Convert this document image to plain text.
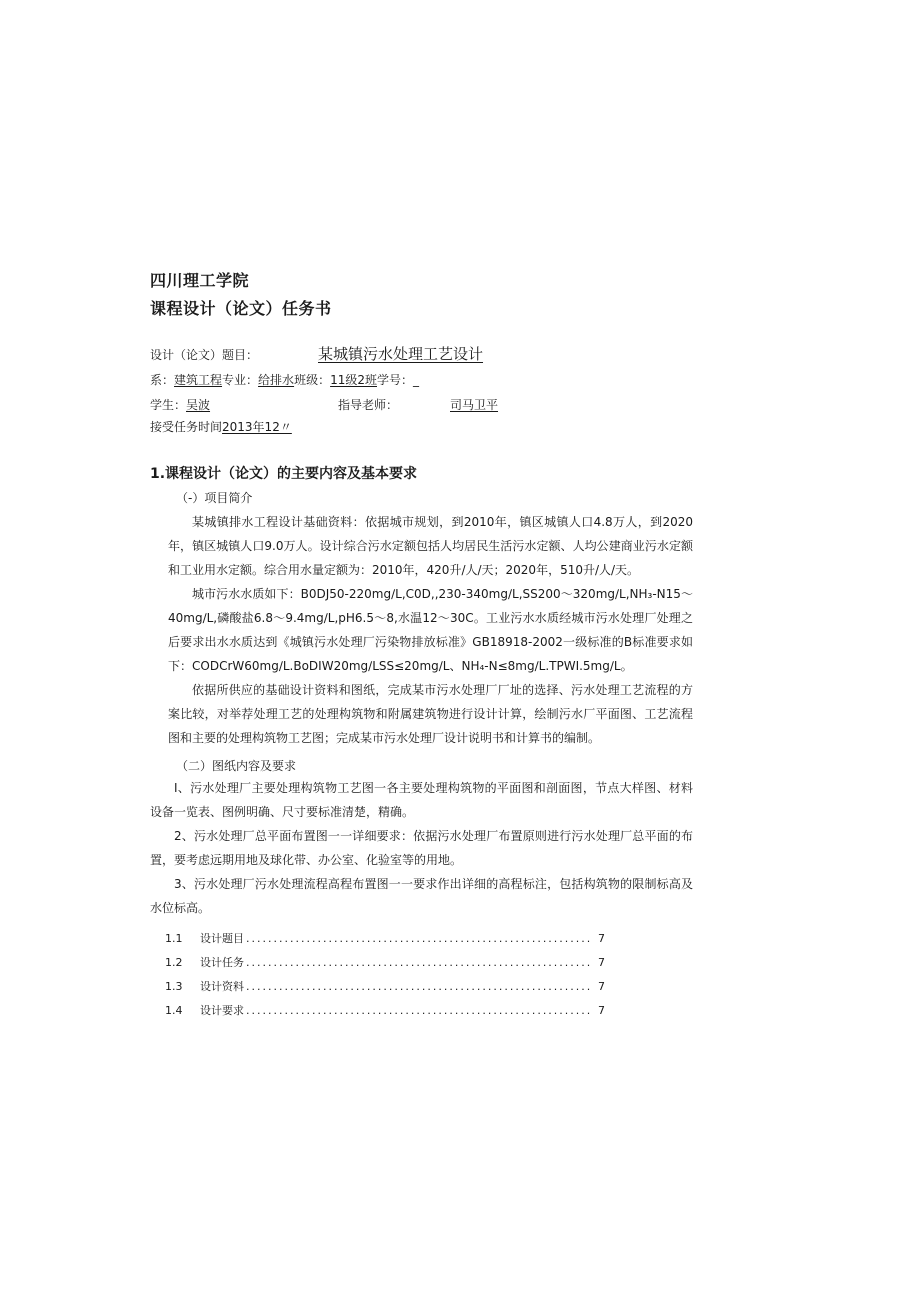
四川理工学院
课程设计（论文）任务书
设计（论文）题目：	某城镇污水处理工艺设计
系：建筑工程专业：给排水班级：11级2班学号：_
学生：吴波	指导老师：	司马卫平
接受任务时间2013年12〃
1.课程设计（论文）的主要内容及基本要求
（-）项目简介

某城镇排水工程设计基础资料：依据城市规划，到2010年，镇区城镇人口4.8万人，到2020年，镇区城镇人口9.0万人。设计综合污水定额包括人均居民生活污水定额、人均公建商业污水定额和工业用水定额。综合用水量定额为：2010年，420升/人/天；2020年，510升/人/天。

城市污水水质如下：B0DJ50-220mg∕L,C0D,,230-340mg∕L,SS200～320mg∕L,NH₃-N15～40mg∕L,磷酸盐6.8～9.4mg∕L,pH6.5～8,水温12～30C。工业污水水质经城市污水处理厂处理之后要求出水水质达到《城镇污水处理厂污染物排放标准》GB18918-2002一级标准的B标准要求如下：CODCrW60mg∕L.BoDIW20mg∕LSS≤20mg∕L、NH₄-N≤8mg∕L.TPWI.5mg∕L。

依据所供应的基础设计资料和图纸，完成某市污水处理厂厂址的选择、污水处理工艺流程的方案比较，对举荐处理工艺的处理构筑物和附属建筑物进行设计计算，绘制污水厂平面图、工艺流程图和主要的处理构筑物工艺图；完成某市污水处理厂设计说明书和计算书的编制。

（二）图纸内容及要求

I、污水处理厂主要处理构筑物工艺图一各主要处理构筑物的平面图和剖面图，节点大样图、材料设备一览表、图例明确、尺寸要标准清楚，精确。

2、污水处理厂总平面布置图一一详细要求：依据污水处理厂布置原则进行污水处理厂总平面的布置，要考虑远期用地及球化带、办公室、化验室等的用地。

3、污水处理厂污水处理流程高程布置图一一要求作出详细的高程标注，包括构筑物的限制标高及水位标高。

1.1	设计题目 .....	7
1.2	设计任务 .....	7
1.3	设计资料 .....	7
1.4	设计要求 .....	7
